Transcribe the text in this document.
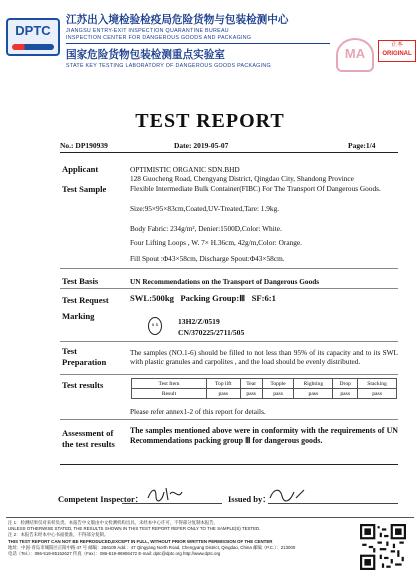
DPTC
江苏出入境检验检疫局危险货物与包装检测中心
JIANGSU ENTRY-EXIT INSPECTION QUARANTINE BUREAU
INSPECTION CENTER FOR DANGEROUS GOODS AND PACKAGING
国家危险货物包装检测重点实验室
STATE KEY TESTING LABORATORY OF DANGEROUS GOODS PACKAGING
MA
正本
ORIGINAL
TEST REPORT
No.: DP190939	Date: 2019-05-07	Page:1/4
Applicant	OPTIMISTIC ORGANIC SDN.BHD
128 Guocheng Road, Chengyang District, Qingdao City, Shandong Province
Test Sample	Flexible Intermediate Bulk Container(FIBC) For The Transport Of Dangerous Goods.
Size:95×95×83cm,Coated,UV-Treated,Tare: 1.9kg.
Body Fabric: 234g/m², Denier:1500D,Color: White.
Four Lifting Loops , W. 7× H.36cm, 42g/m,Color: Orange.
Fill Spout :Φ43×58cm, Discharge Spout:Φ43×58cm.
Test Basis	UN Recommendations on the Transport of Dangerous Goods
Test Request SWL:500kg   Packing Group:Ⅲ   SF:6:1
Marking
u n	13H2/Z/0519
CN/370225/2711/505
Test
Preparation
The samples (NO.1-6) should be filled to not less than 95% of its capacity and to its SWL with plastic granules and carpolites , and the load should be evenly distributed.
Test results	Test Item	Top lift	Tear	Topple	Righting	Drop	Stacking
Result	pass	pass	pass	pass	pass	pass
Please refer annex1-2 of this report for details.
Assessment of
the test results
The samples mentioned above were in conformity with the requirements of UN Recommendations packing group Ⅲ for dangerous goods.
Competent Inspector：	Issued by：
注 1：检测结果仅对来样负责。本报告中文版由中文检测机构出具，未经本中心许可，不得部分复制本报告。
UNLESS OTHERWISE STATED, THE RESULTS SHOWN IN THIS TEST REPORT REFER ONLY TO THE SAMPLE(S) TESTED.
注 2：本报告未经本中心书面批准，不得部分复制。
THIS TEST REPORT CAN NOT BE REPRODUCED,EXCEPT IN FULL, WITHOUT PRIOR WRITTEN PERMISSION OF THE CENTER
地址：中国·青岛市城阳区正阳中路 47 号 邮编：266109 Add.：47 Qingyang North Road, Chengyang District, Qingdao, China 邮编（P.C.）：213000
电话（Tel.）：086-519-85152627 传真（Fax）：086-519-86906472 E-mail: dptc@dptc.org http://www.dptc.org
